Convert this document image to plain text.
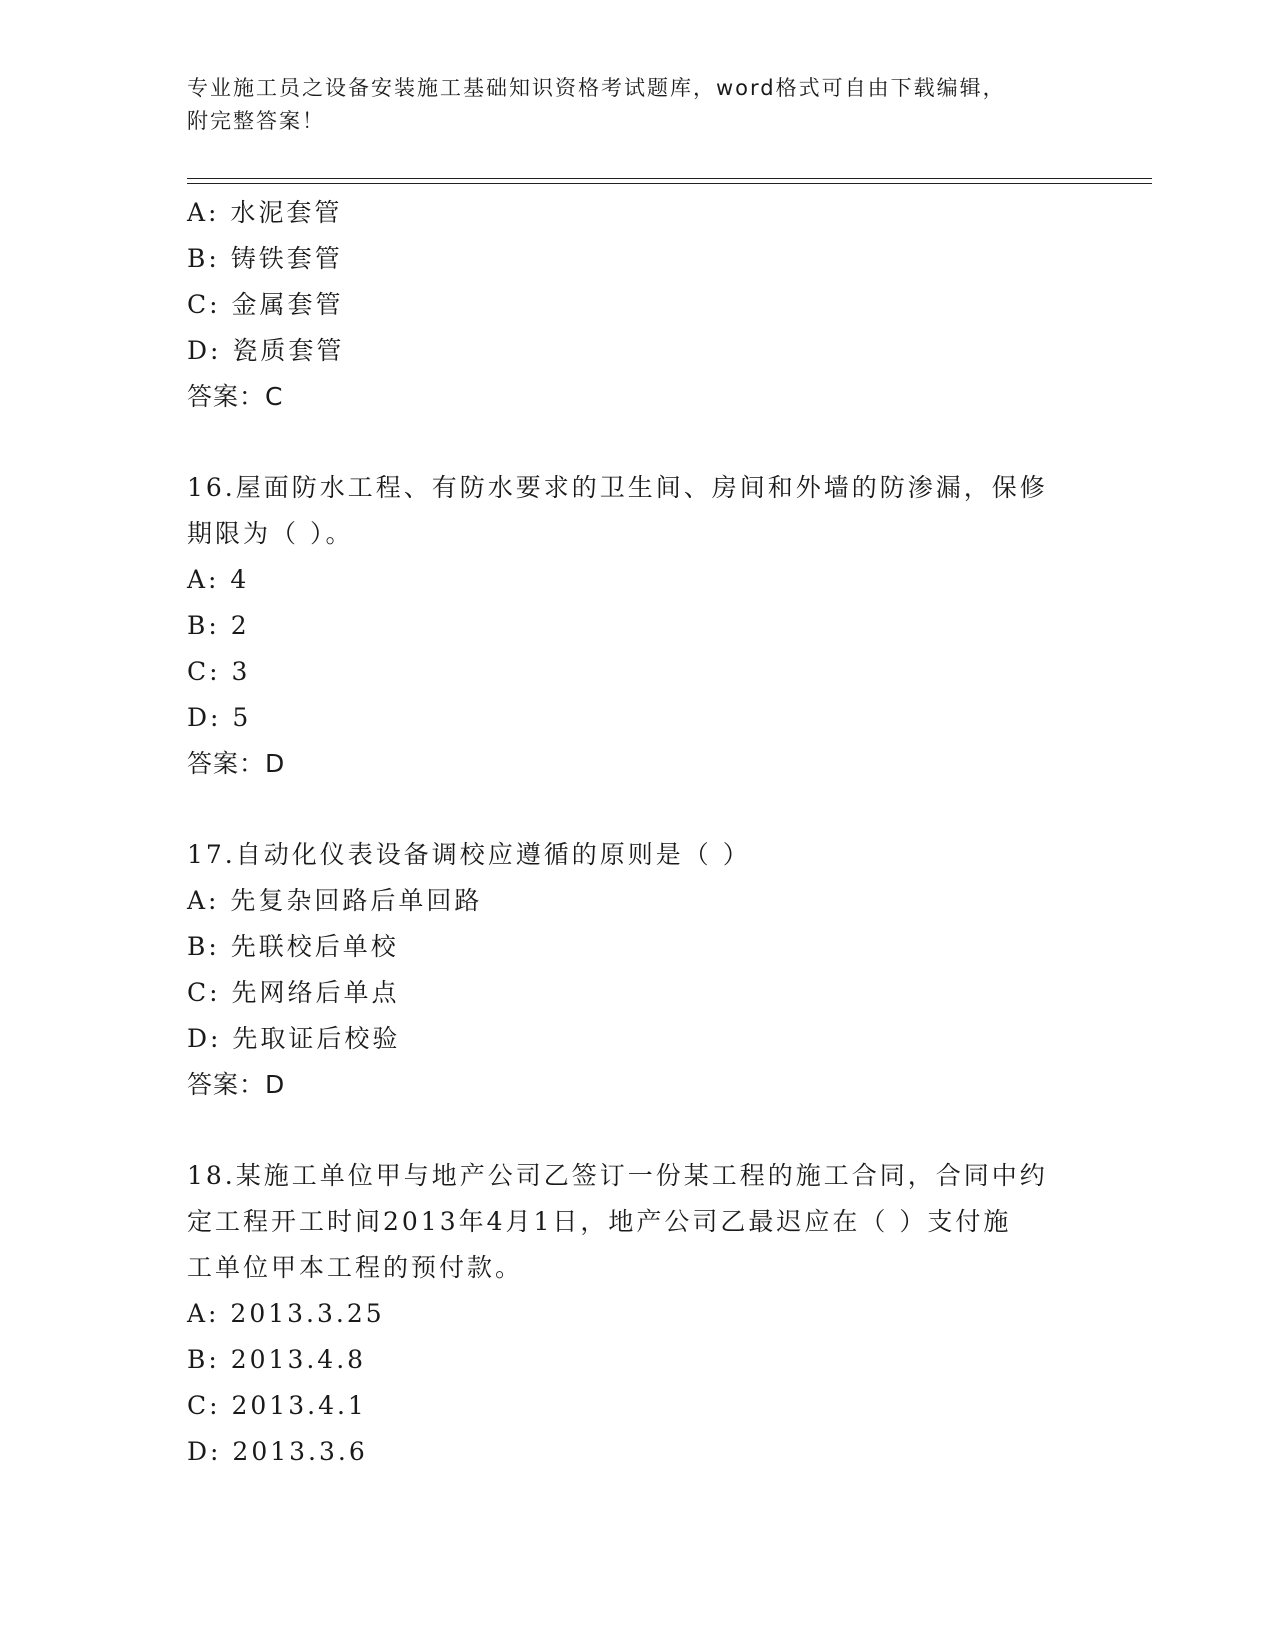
专业施工员之设备安装施工基础知识资格考试题库，word格式可自由下载编辑，
附完整答案！
A: 水泥套管
B: 铸铁套管
C: 金属套管
D: 瓷质套管
答案：C
16.屋面防水工程、有防水要求的卫生间、房间和外墙的防渗漏，保修
期限为（ ）。
A: 4
B: 2
C: 3
D: 5
答案：D
17.自动化仪表设备调校应遵循的原则是（ ）
A: 先复杂回路后单回路
B: 先联校后单校
C: 先网络后单点
D: 先取证后校验
答案：D
18.某施工单位甲与地产公司乙签订一份某工程的施工合同，合同中约
定工程开工时间2013年4月1日，地产公司乙最迟应在（ ）支付施
工单位甲本工程的预付款。
A: 2013.3.25
B: 2013.4.8
C: 2013.4.1
D: 2013.3.6
